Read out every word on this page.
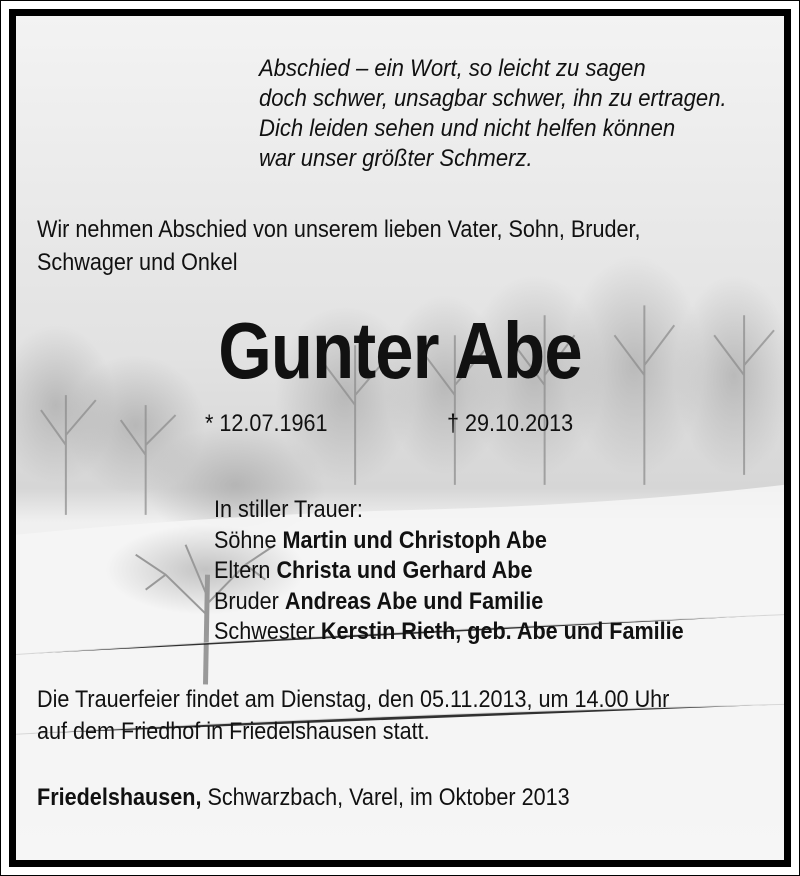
Abschied – ein Wort, so leicht zu sagen
doch schwer, unsagbar schwer, ihn zu ertragen.
Dich leiden sehen und nicht helfen können
war unser größter Schmerz.
Wir nehmen Abschied von unserem lieben Vater, Sohn, Bruder,
Schwager und Onkel
Gunter Abe
* 12.07.1961	† 29.10.2013
In stiller Trauer:
Söhne Martin und Christoph Abe
Eltern Christa und Gerhard Abe
Bruder Andreas Abe und Familie
Schwester Kerstin Rieth, geb. Abe und Familie
Die Trauerfeier findet am Dienstag, den 05.11.2013, um 14.00 Uhr
auf dem Friedhof in Friedelshausen statt.
Friedelshausen, Schwarzbach, Varel, im Oktober 2013
